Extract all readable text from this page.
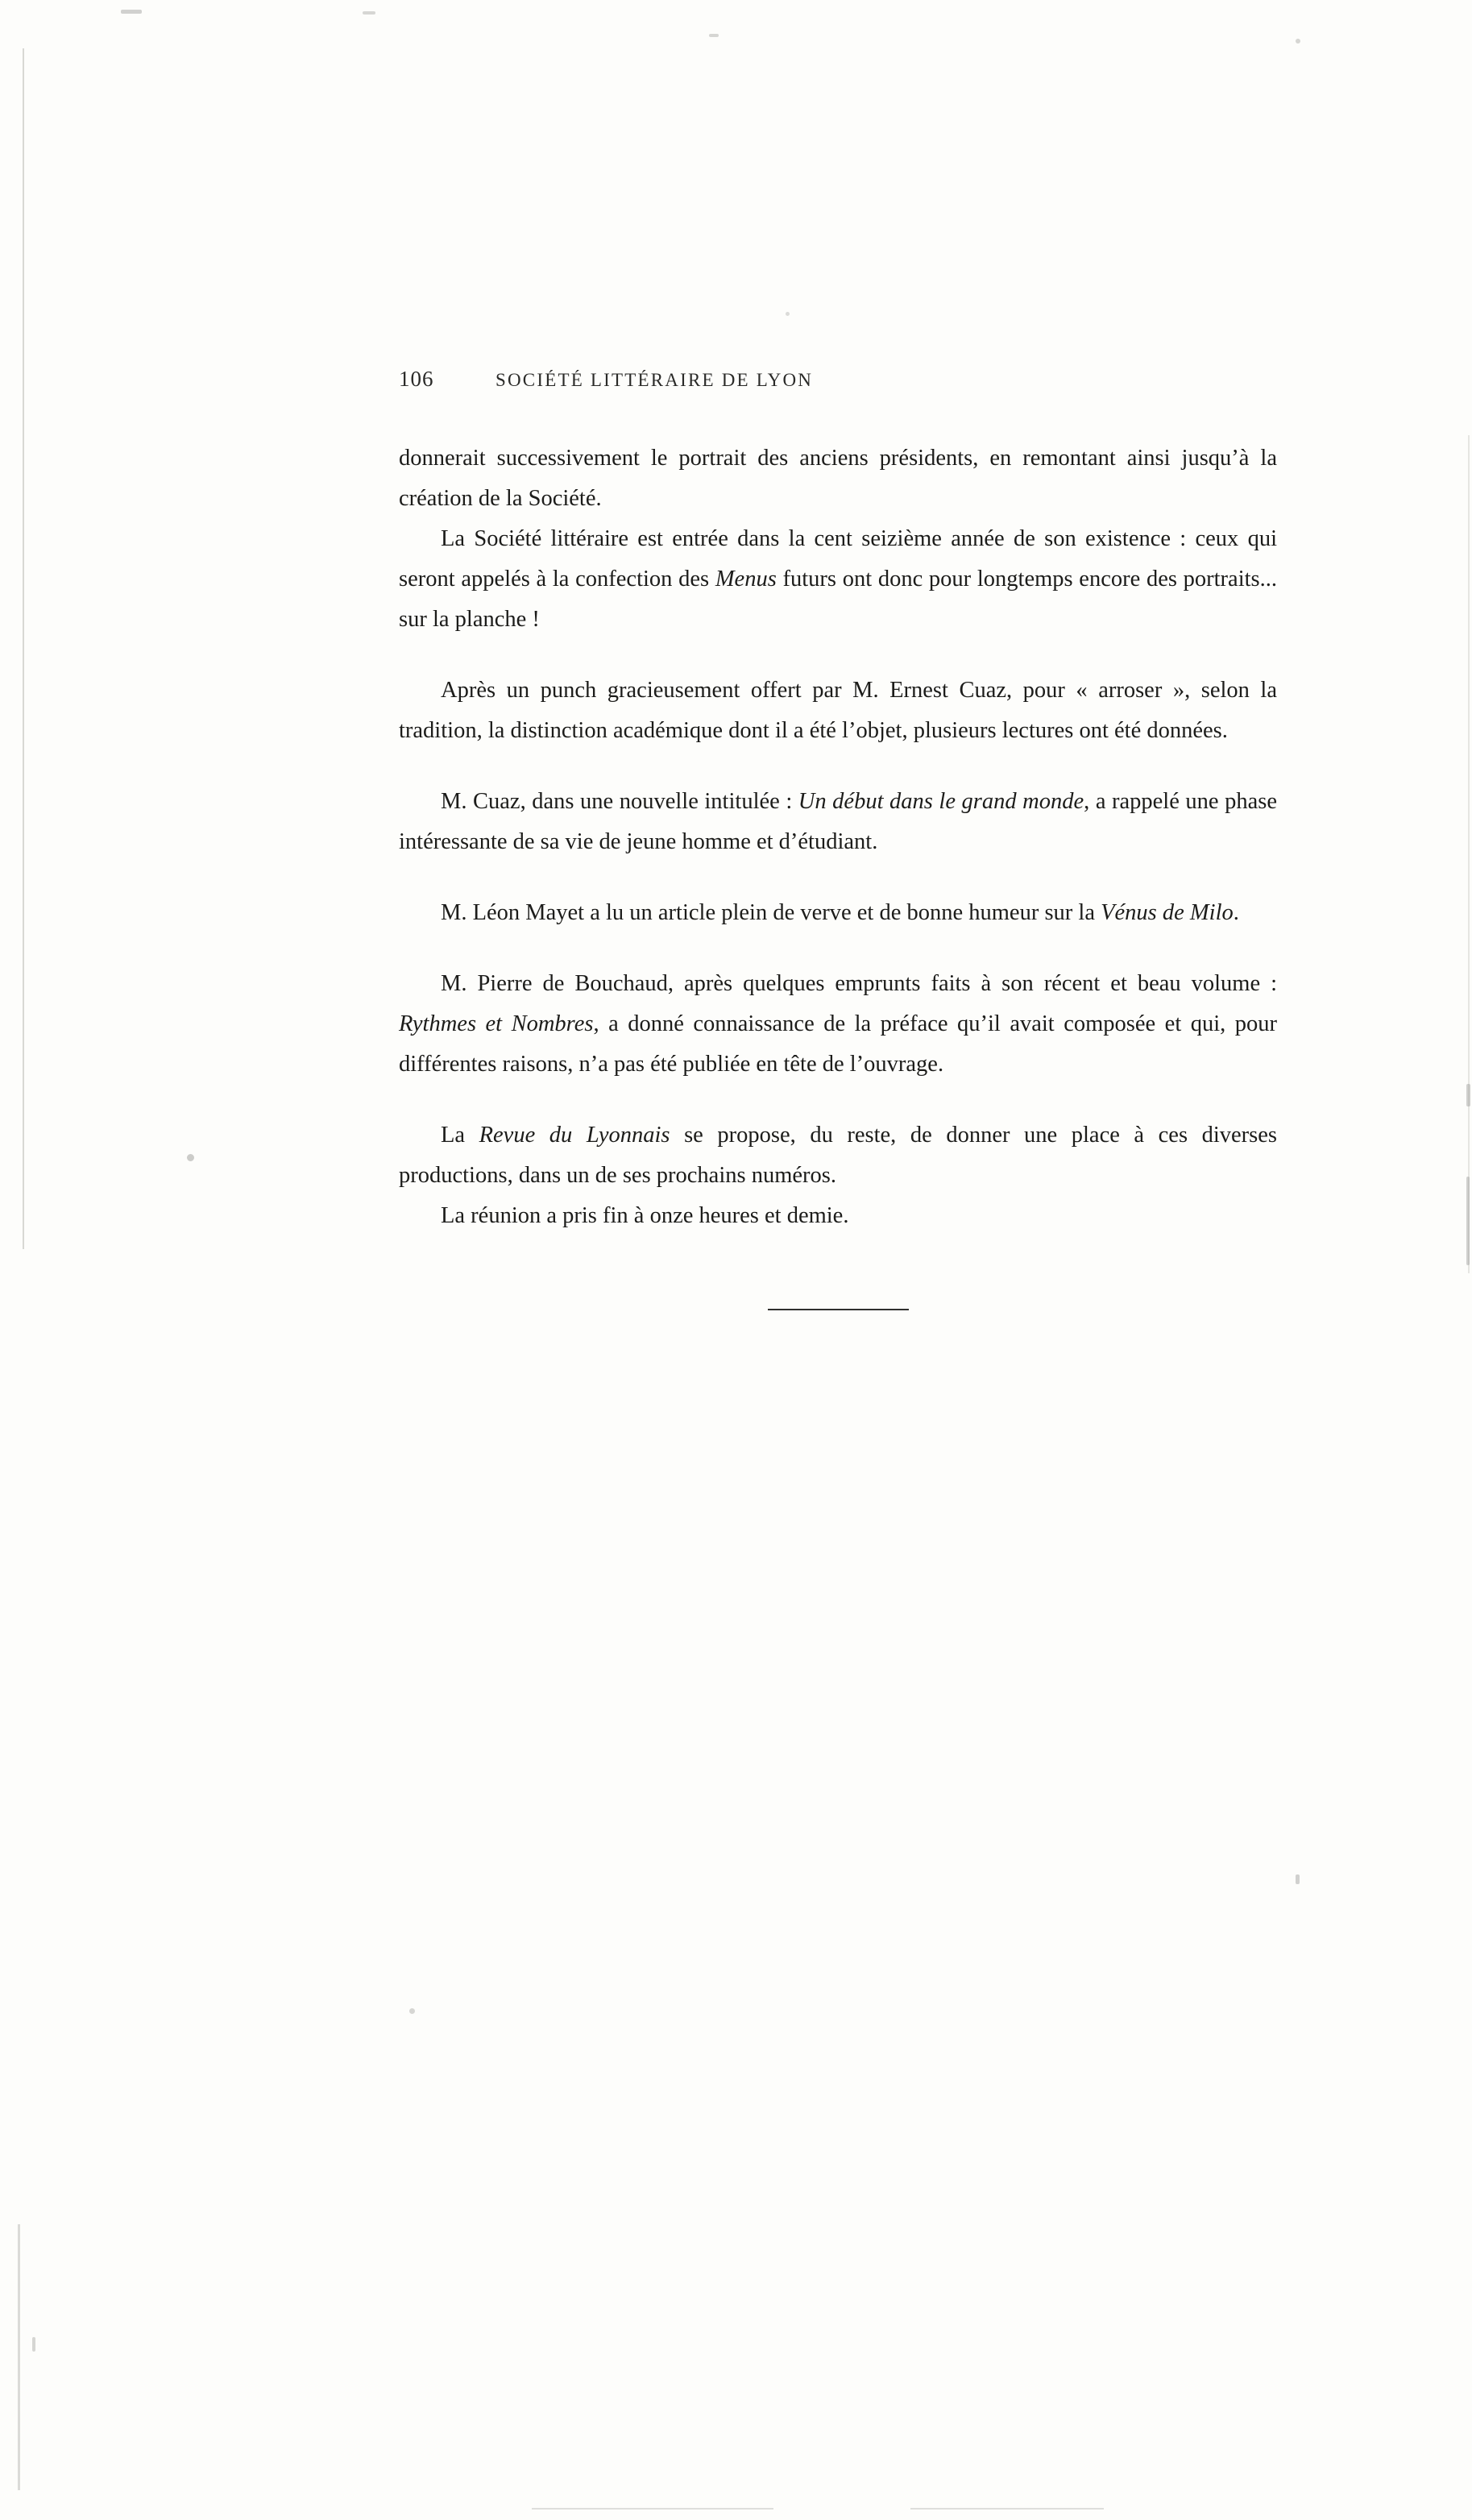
106	SOCIÉTÉ LITTÉRAIRE DE LYON

donnerait successivement le portrait des anciens présidents, en remontant ainsi jusqu’à la création de la Société.

La Société littéraire est entrée dans la cent seizième année de son existence : ceux qui seront appelés à la confection des Menus futurs ont donc pour longtemps encore des portraits... sur la planche !

Après un punch gracieusement offert par M. Ernest Cuaz, pour « arroser », selon la tradition, la distinction académique dont il a été l’objet, plusieurs lectures ont été données.

M. Cuaz, dans une nouvelle intitulée : Un début dans le grand monde, a rappelé une phase intéressante de sa vie de jeune homme et d’étudiant.

M. Léon Mayet a lu un article plein de verve et de bonne humeur sur la Vénus de Milo.

M. Pierre de Bouchaud, après quelques emprunts faits à son récent et beau volume : Rythmes et Nombres, a donné connaissance de la préface qu’il avait composée et qui, pour différentes raisons, n’a pas été publiée en tête de l’ouvrage.

La Revue du Lyonnais se propose, du reste, de donner une place à ces diverses productions, dans un de ses prochains numéros.

La réunion a pris fin à onze heures et demie.
